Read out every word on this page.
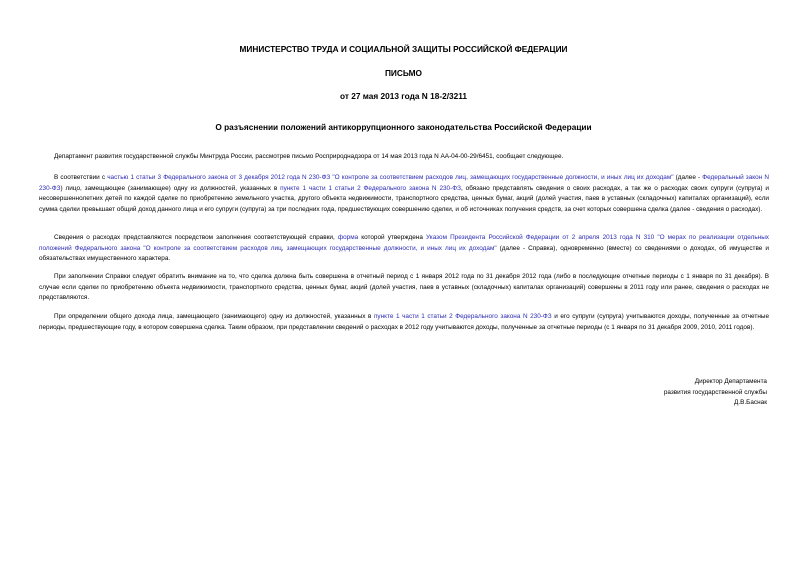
МИНИСТЕРСТВО ТРУДА И СОЦИАЛЬНОЙ ЗАЩИТЫ РОССИЙСКОЙ ФЕДЕРАЦИИ

ПИСЬМО

от 27 мая 2013 года N 18-2/3211

О разъяснении положений антикоррупционного законодательства Российской Федерации

Департамент развития государственной службы Минтруда России, рассмотрев письмо Росприроднадзора от 14 мая 2013 года N АА-04-00-29/6451, сообщает следующее.

В соответствии с частью 1 статьи 3 Федерального закона от 3 декабря 2012 года N 230-ФЗ "О контроле за соответствием расходов лиц, замещающих государственные должности, и иных лиц их доходам" (далее - Федеральный закон N 230-ФЗ) лицо, замещающее (занимающее) одну из должностей, указанных в пункте 1 части 1 статьи 2 Федерального закона N 230-ФЗ, обязано представлять сведения о своих расходах, а так же о расходах своих супруги (супруга) и несовершеннолетних детей по каждой сделке по приобретению земельного участка, другого объекта недвижимости, транспортного средства, ценных бумаг, акций (долей участия, паев в уставных (складочных) капиталах организаций), если сумма сделки превышает общий доход данного лица и его супруги (супруга) за три последних года, предшествующих совершению сделки, и об источниках получения средств, за счет которых совершена сделка (далее - сведения о расходах).

Сведения о расходах представляются посредством заполнения соответствующей справки, форма которой утверждена Указом Президента Российской Федерации от 2 апреля 2013 года N 310 "О мерах по реализации отдельных положений Федерального закона "О контроле за соответствием расходов лиц, замещающих государственные должности, и иных лиц их доходам" (далее - Справка), одновременно (вместе) со сведениями о доходах, об имуществе и обязательствах имущественного характера.

При заполнении Справки следует обратить внимание на то, что сделка должна быть совершена в отчетный период с 1 января 2012 года по 31 декабря 2012 года (либо в последующие отчетные периоды с 1 января по 31 декабря). В случае если сделки по приобретению объекта недвижимости, транспортного средства, ценных бумаг, акций (долей участия, паев в уставных (складочных) капиталах организаций) совершены в 2011 году или ранее, сведения о расходах не представляются.

При определении общего дохода лица, замещающего (занимающего) одну из должностей, указанных в пункте 1 части 1 статьи 2 Федерального закона N 230-ФЗ и его супруги (супруга) учитываются доходы, полученные за отчетные периоды, предшествующие году, в котором совершена сделка. Таким образом, при представлении сведений о расходах в 2012 году учитываются доходы, полученные за отчетные периоды (с 1 января по 31 декабря 2009, 2010, 2011 годов).

Директор Департамента

развития государственной службы

Д.В.Баснак
